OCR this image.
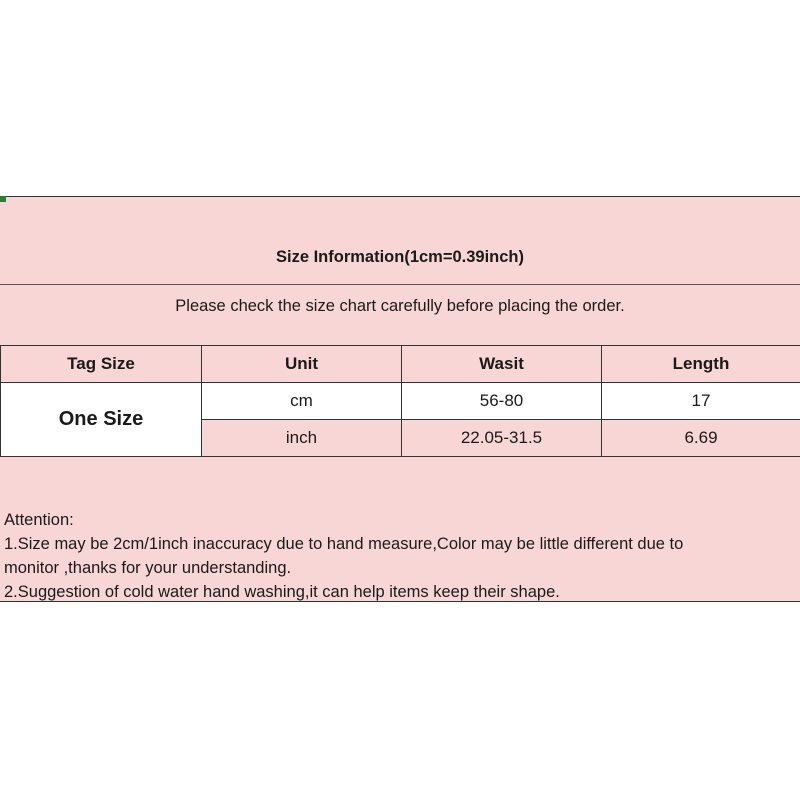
Size Information(1cm=0.39inch)
Please check the size chart carefully before placing the order.
Tag Size	Unit	Wasit	Length
One Size	cm	56-80	17
	inch	22.05-31.5	6.69
Attention:
1.Size may be 2cm/1inch inaccuracy due to hand measure,Color may be little different due to
monitor ,thanks for your understanding.
2.Suggestion of cold water hand washing,it can help items keep their shape.
